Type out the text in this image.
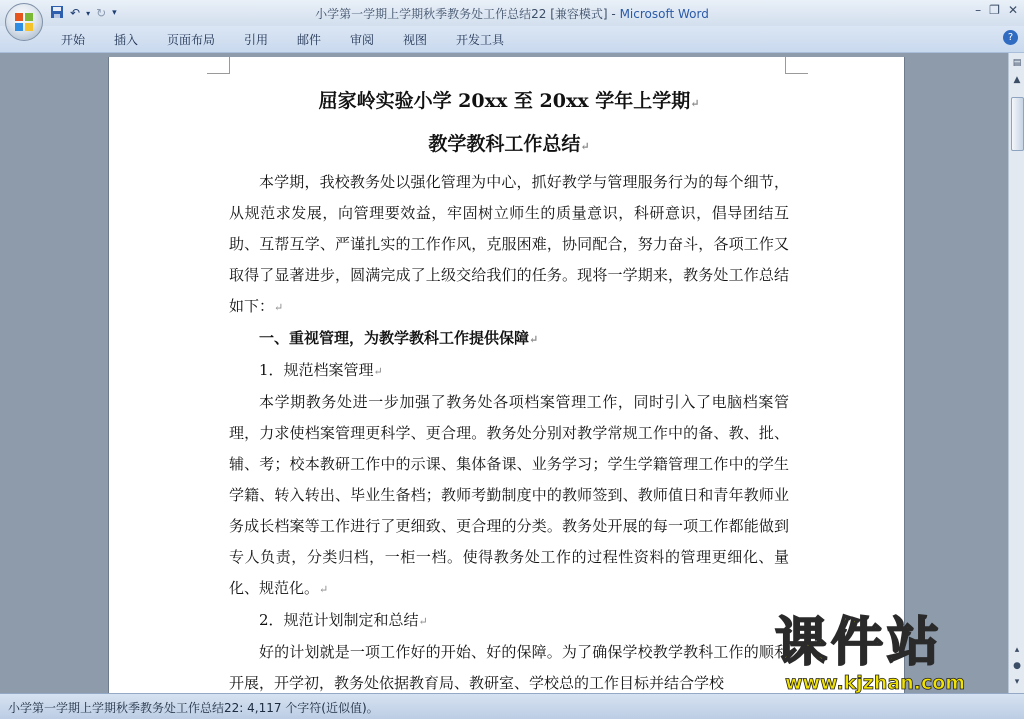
↶ ▾ ↻ ▾	小学第一学期上学期秋季教务处工作总结22 [兼容模式] - Microsoft Word	– ❐ ✕
开始 插入 页面布局 引用 邮件 审阅 视图 开发工具	?

屈家岭实验小学 20xx 至 20xx 学年上学期↵

教学教科工作总结↵

本学期，我校教务处以强化管理为中心，抓好教学与管理服务行为的每个细节，从规范求发展，向管理要效益，牢固树立师生的质量意识，科研意识，倡导团结互助、互帮互学、严谨扎实的工作作风，克服困难，协同配合，努力奋斗，各项工作又取得了显著进步，圆满完成了上级交给我们的任务。现将一学期来，教务处工作总结如下：↵

一、重视管理，为教学教科工作提供保障↵

1．规范档案管理↵

本学期教务处进一步加强了教务处各项档案管理工作，同时引入了电脑档案管理，力求使档案管理更科学、更合理。教务处分别对教学常规工作中的备、教、批、辅、考；校本教研工作中的示课、集体备课、业务学习；学生学籍管理工作中的学生学籍、转入转出、毕业生备档；教师考勤制度中的教师签到、教师值日和青年教师业务成长档案等工作进行了更细致、更合理的分类。教务处开展的每一项工作都能做到专人负责，分类归档，一柜一档。使得教务处工作的过程性资料的管理更细化、量化、规范化。↵

2．规范计划制定和总结↵

好的计划就是一项工作好的开始、好的保障。为了确保学校教学教科工作的顺利开展，开学初，教务处依据教育局、教研室、学校总的工作目标并结合学校

▤
▲
▴
●
▾
课件站
www.kjzhan.com
小学第一学期上学期秋季教务处工作总结22: 4,117 个字符(近似值)。
